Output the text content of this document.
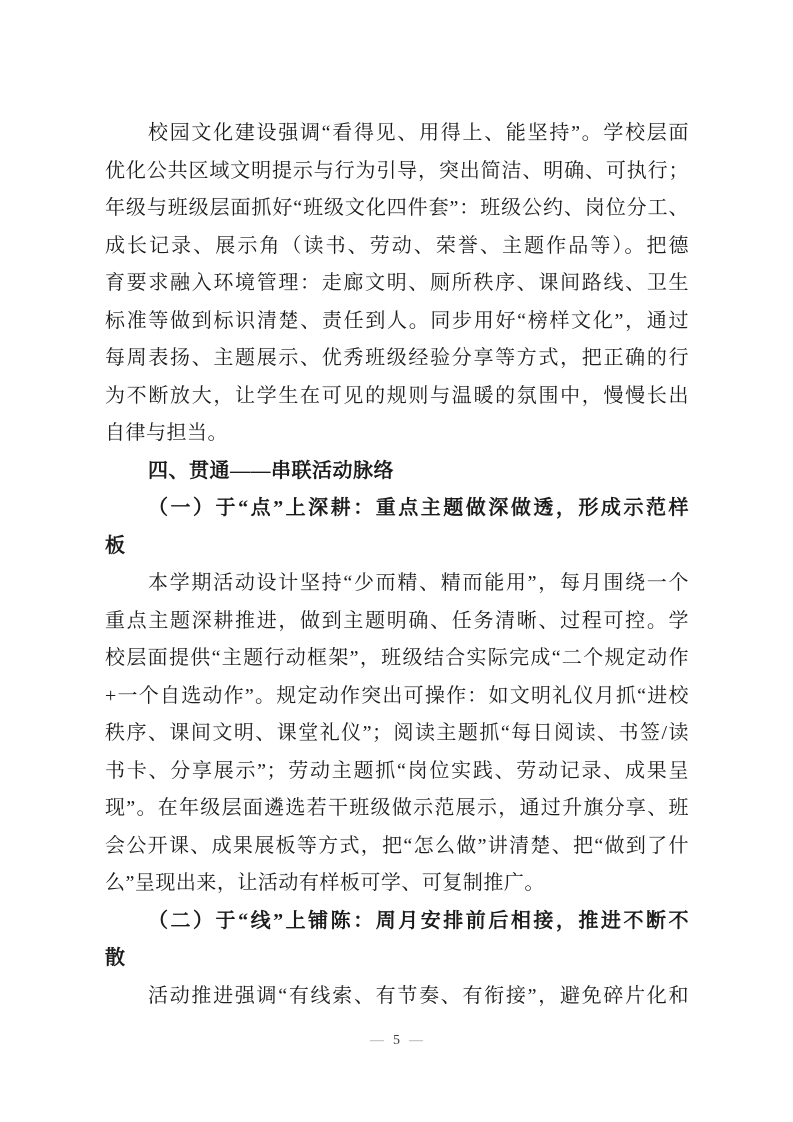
校园文化建设强调“看得见、用得上、能坚持”。学校层面
优化公共区域文明提示与行为引导，突出简洁、明确、可执行；
年级与班级层面抓好“班级文化四件套”：班级公约、岗位分工、
成长记录、展示角（读书、劳动、荣誉、主题作品等）。把德
育要求融入环境管理：走廊文明、厕所秩序、课间路线、卫生
标准等做到标识清楚、责任到人。同步用好“榜样文化”，通过
每周表扬、主题展示、优秀班级经验分享等方式，把正确的行
为不断放大，让学生在可见的规则与温暖的氛围中，慢慢长出
自律与担当。
四、贯通——串联活动脉络
（一）于“点”上深耕：重点主题做深做透，形成示范样
板
本学期活动设计坚持“少而精、精而能用”，每月围绕一个
重点主题深耕推进，做到主题明确、任务清晰、过程可控。学
校层面提供“主题行动框架”，班级结合实际完成“二个规定动作
+一个自选动作”。规定动作突出可操作：如文明礼仪月抓“进校
秩序、课间文明、课堂礼仪”；阅读主题抓“每日阅读、书签/读
书卡、分享展示”；劳动主题抓“岗位实践、劳动记录、成果呈
现”。在年级层面遴选若干班级做示范展示，通过升旗分享、班
会公开课、成果展板等方式，把“怎么做”讲清楚、把“做到了什
么”呈现出来，让活动有样板可学、可复制推广。
（二）于“线”上铺陈：周月安排前后相接，推进不断不
散
活动推进强调“有线索、有节奏、有衔接”，避免碎片化和
— 5 —
